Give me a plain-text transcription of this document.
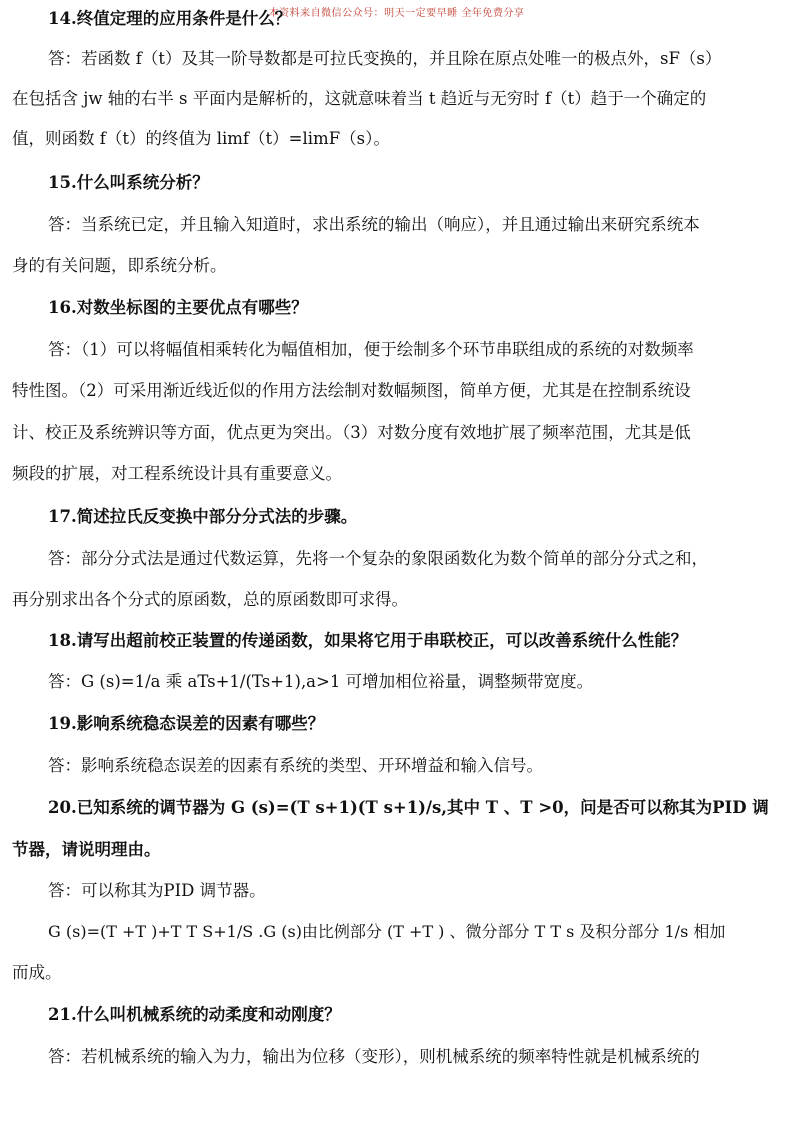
本资料来自微信公众号：明天一定要早睡 全年免费分享
14.终值定理的应用条件是什么？
答：若函数 f（t）及其一阶导数都是可拉氏变换的，并且除在原点处唯一的极点外，sF（s）
在包括含 jw 轴的右半 s 平面内是解析的，这就意味着当 t 趋近与无穷时 f（t）趋于一个确定的
值，则函数 f（t）的终值为 limf（t）=limF（s）。
15.什么叫系统分析？
答：当系统已定，并且输入知道时，求出系统的输出（响应），并且通过输出来研究系统本
身的有关问题，即系统分析。
16.对数坐标图的主要优点有哪些？
答：（1）可以将幅值相乘转化为幅值相加，便于绘制多个环节串联组成的系统的对数频率
特性图。（2）可采用渐近线近似的作用方法绘制对数幅频图，简单方便，尤其是在控制系统设
计、校正及系统辨识等方面，优点更为突出。（3）对数分度有效地扩展了频率范围，尤其是低
频段的扩展，对工程系统设计具有重要意义。
17.简述拉氏反变换中部分分式法的步骤。
答：部分分式法是通过代数运算，先将一个复杂的象限函数化为数个简单的部分分式之和，
再分别求出各个分式的原函数，总的原函数即可求得。
18.请写出超前校正装置的传递函数，如果将它用于串联校正，可以改善系统什么性能？
答：G (s)=1/a 乘 aTs+1/(Ts+1),a>1 可增加相位裕量，调整频带宽度。
19.影响系统稳态误差的因素有哪些？
答：影响系统稳态误差的因素有系统的类型、开环增益和输入信号。
20.已知系统的调节器为 G (s)=(T s+1)(T s+1)/s,其中 T 、T >0，问是否可以称其为PID 调
节器，请说明理由。
答：可以称其为PID 调节器。
G (s)=(T +T )+T T S+1/S .G (s)由比例部分 (T +T ) 、微分部分 T T s 及积分部分 1/s 相加
而成。
21.什么叫机械系统的动柔度和动刚度？
答：若机械系统的输入为力，输出为位移（变形），则机械系统的频率特性就是机械系统的
